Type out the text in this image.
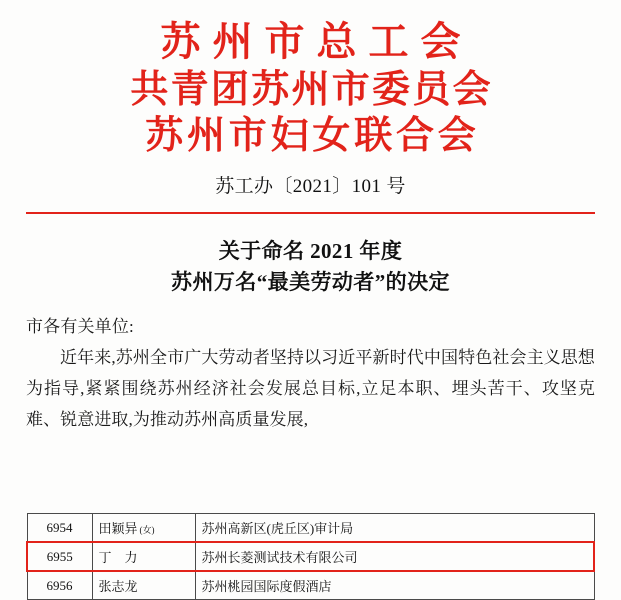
苏州市总工会
共青团苏州市委员会
苏州市妇女联合会
苏工办〔2021〕101 号
关于命名 2021 年度
苏州万名“最美劳动者”的决定
市各有关单位:
近年来,苏州全市广大劳动者坚持以习近平新时代中国特色社会主义思想为指导,紧紧围绕苏州经济社会发展总目标,立足本职、埋头苦干、攻坚克难、锐意进取,为推动苏州高质量发展,
6954	田颖异 (女)	苏州高新区(虎丘区)审计局
6955	丁　力	苏州长菱测试技术有限公司
6956	张志龙	苏州桃园国际度假酒店
